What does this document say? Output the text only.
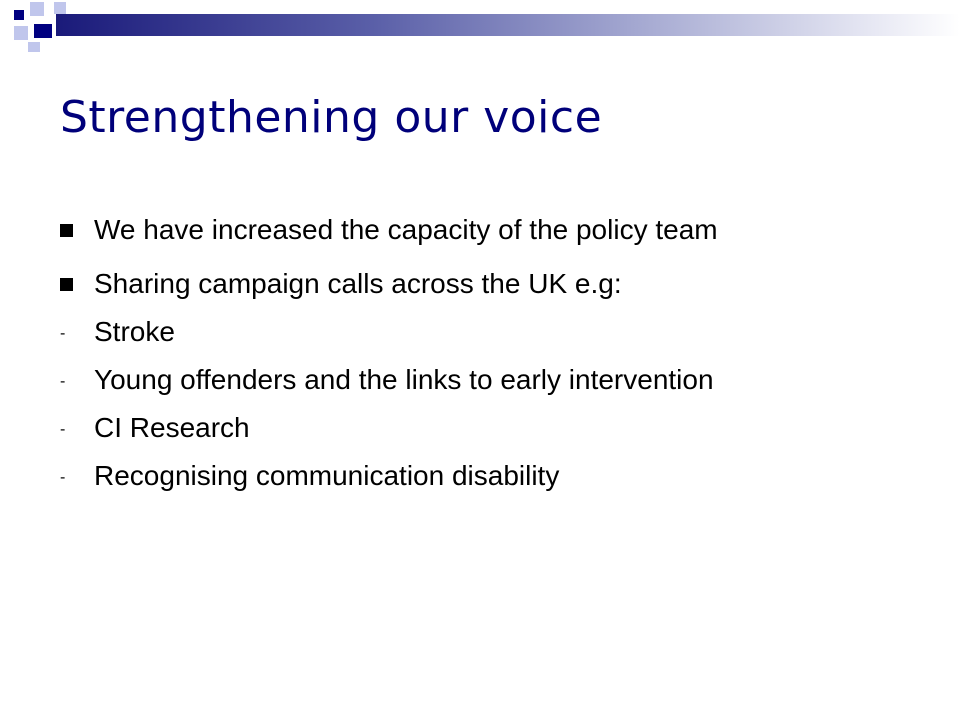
Strengthening our voice
We have increased the capacity of the policy team
Sharing campaign calls across the UK e.g:
- Stroke
- Young offenders and the links to early intervention
- CI Research
- Recognising communication disability
